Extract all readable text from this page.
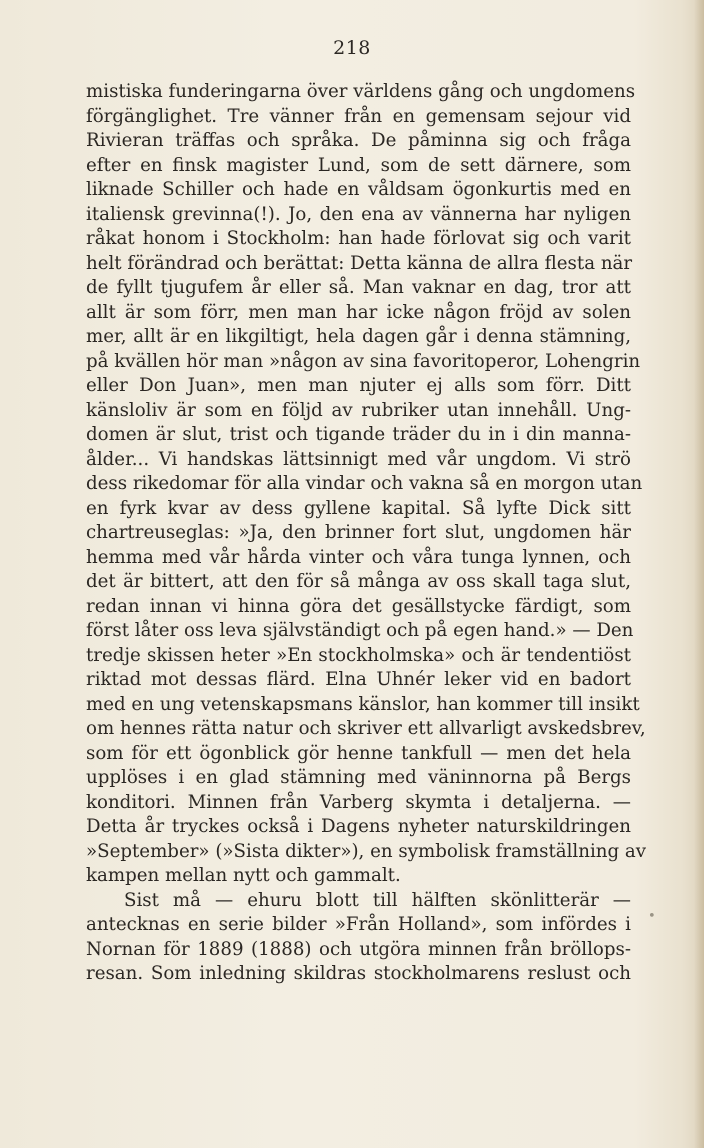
218
mistiska funderingarna över världens gång och ungdomens
förgänglighet. Tre vänner från en gemensam sejour vid
Rivieran träffas och språka. De påminna sig och fråga
efter en finsk magister Lund, som de sett därnere, som
liknade Schiller och hade en våldsam ögonkurtis med en
italiensk grevinna(!). Jo, den ena av vännerna har nyligen
råkat honom i Stockholm: han hade förlovat sig och varit
helt förändrad och berättat: Detta känna de allra flesta när
de fyllt tjugufem år eller så. Man vaknar en dag, tror att
allt är som förr, men man har icke någon fröjd av solen
mer, allt är en likgiltigt, hela dagen går i denna stämning,
på kvällen hör man »någon av sina favoritoperor, Lohengrin
eller Don Juan», men man njuter ej alls som förr. Ditt
känsloliv är som en följd av rubriker utan innehåll. Ung-
domen är slut, trist och tigande träder du in i din manna-
ålder... Vi handskas lättsinnigt med vår ungdom. Vi strö
dess rikedomar för alla vindar och vakna så en morgon utan
en fyrk kvar av dess gyllene kapital. Så lyfte Dick sitt
chartreuseglas: »Ja, den brinner fort slut, ungdomen här
hemma med vår hårda vinter och våra tunga lynnen, och
det är bittert, att den för så många av oss skall taga slut,
redan innan vi hinna göra det gesällstycke färdigt, som
först låter oss leva självständigt och på egen hand.» — Den
tredje skissen heter »En stockholmska» och är tendentiöst
riktad mot dessas flärd. Elna Uhnér leker vid en badort
med en ung vetenskapsmans känslor, han kommer till insikt
om hennes rätta natur och skriver ett allvarligt avskedsbrev,
som för ett ögonblick gör henne tankfull — men det hela
upplöses i en glad stämning med väninnorna på Bergs
konditori. Minnen från Varberg skymta i detaljerna. —
Detta år tryckes också i Dagens nyheter naturskildringen
»September» (»Sista dikter»), en symbolisk framställning av
kampen mellan nytt och gammalt.
Sist må — ehuru blott till hälften skönlitterär —
antecknas en serie bilder »Från Holland», som infördes i
Nornan för 1889 (1888) och utgöra minnen från bröllops-
resan. Som inledning skildras stockholmarens reslust och
•
